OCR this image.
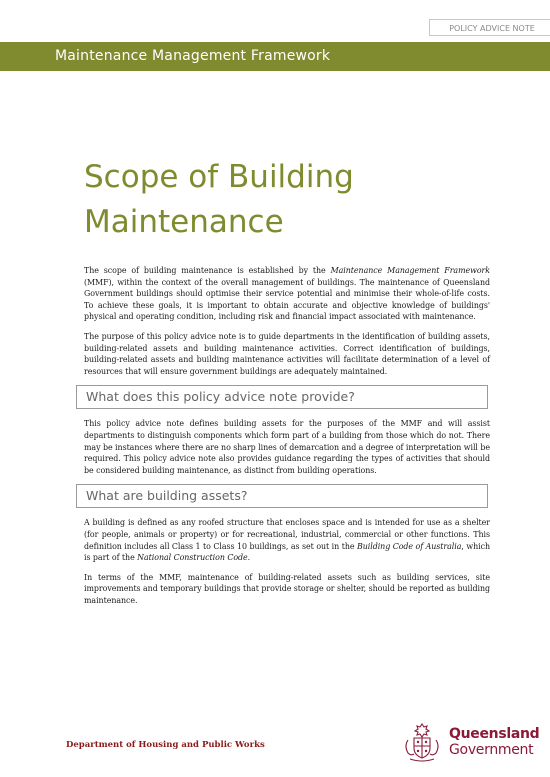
POLICY ADVICE NOTE
Maintenance Management Framework
Scope of Building
Maintenance

The scope of building maintenance is established by the Maintenance Management Framework (MMF), within the context of the overall management of buildings. The maintenance of Queensland Government buildings should optimise their service potential and minimise their whole-of-life costs. To achieve these goals, it is important to obtain accurate and objective knowledge of buildings' physical and operating condition, including risk and financial impact associated with maintenance.

The purpose of this policy advice note is to guide departments in the identification of building assets, building-related assets and building maintenance activities. Correct identification of buildings, building-related assets and building maintenance activities will facilitate determination of a level of resources that will ensure government buildings are adequately maintained.

What does this policy advice note provide?

This policy advice note defines building assets for the purposes of the MMF and will assist departments to distinguish components which form part of a building from those which do not. There may be instances where there are no sharp lines of demarcation and a degree of interpretation will be required. This policy advice note also provides guidance regarding the types of activities that should be considered building maintenance, as distinct from building operations.

What are building assets?

A building is defined as any roofed structure that encloses space and is intended for use as a shelter (for people, animals or property) or for recreational, industrial, commercial or other functions. This definition includes all Class 1 to Class 10 buildings, as set out in the Building Code of Australia, which is part of the National Construction Code.

In terms of the MMF, maintenance of building-related assets such as building services, site improvements and temporary buildings that provide storage or shelter, should be reported as building maintenance.

Department of Housing and Public Works
Queensland
Government
